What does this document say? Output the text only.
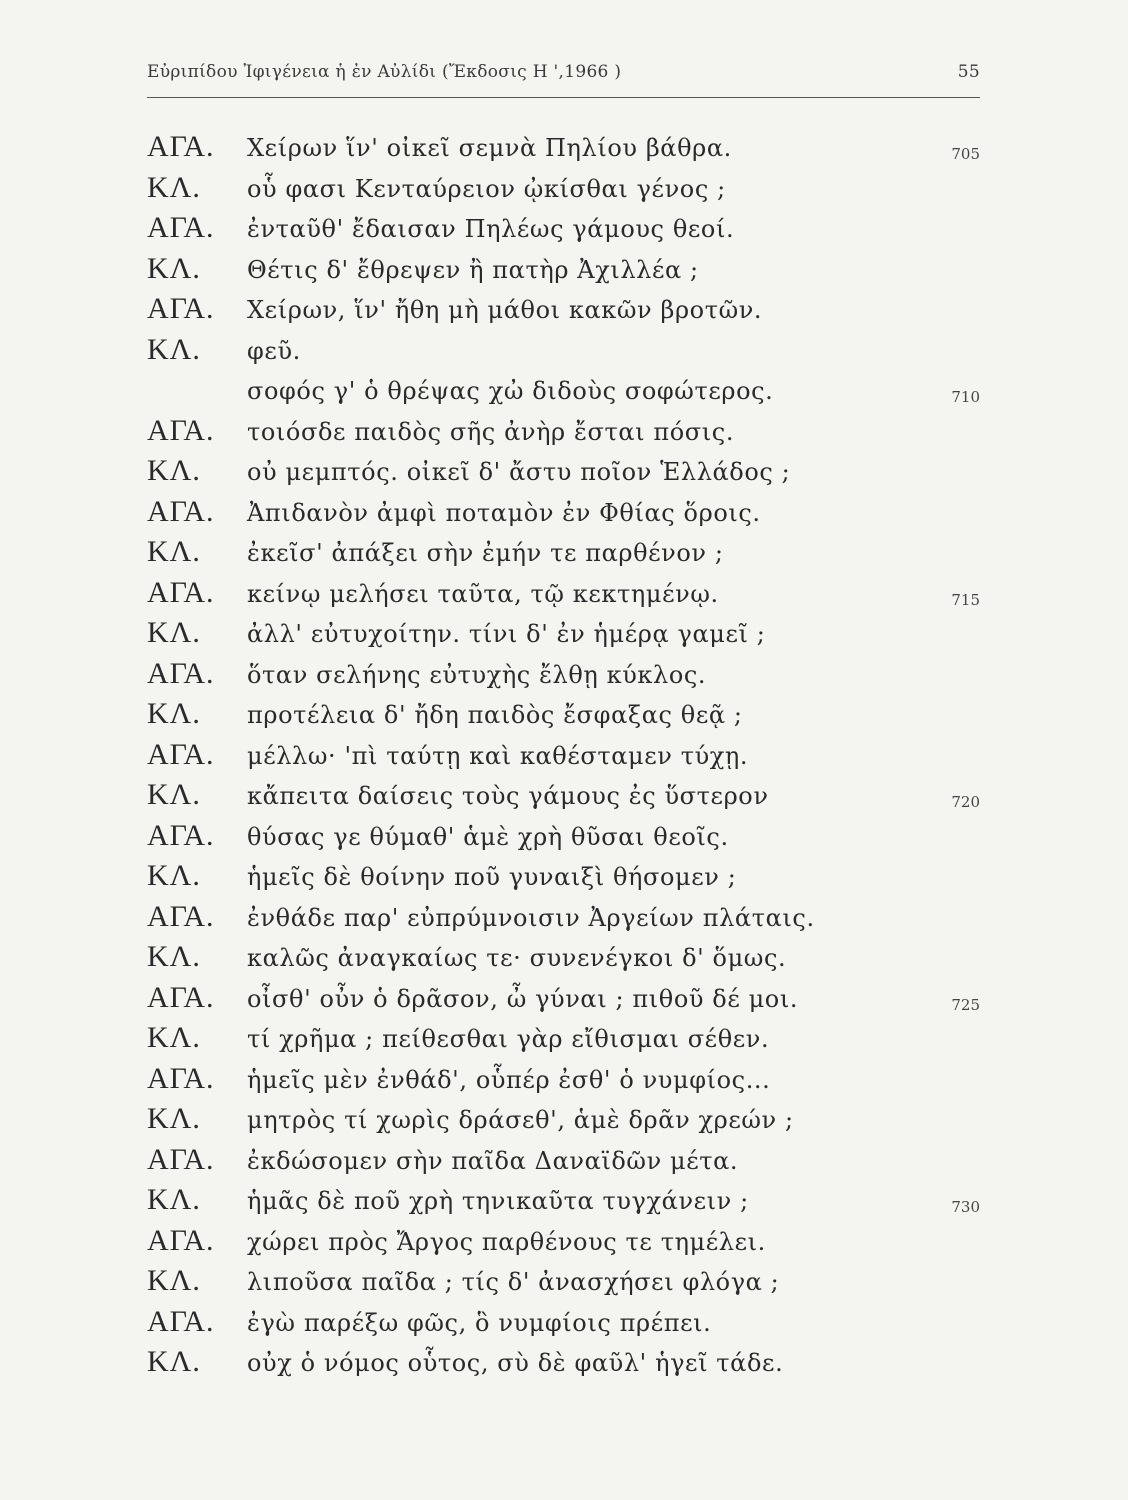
Εὐριπίδου Ἰφιγένεια ἡ ἐν Αὐλίδι (Ἔκδοσις Η ',1966 )	55
ΑΓΑ. Χείρων ἵν' οἰκεῖ σεμνὰ Πηλίου βάθρα.	705
ΚΛ. οὗ φασι Κενταύρειον ᾠκίσθαι γένος ;
ΑΓΑ. ἐνταῦθ' ἔδαισαν Πηλέως γάμους θεοί.
ΚΛ. Θέτις δ' ἔθρεψεν ἢ πατὴρ Ἀχιλλέα ;
ΑΓΑ. Χείρων, ἵν' ἤθη μὴ μάθοι κακῶν βροτῶν.
ΚΛ. φεῦ.
σοφός γ' ὁ θρέψας χὠ διδοὺς σοφώτερος.	710
ΑΓΑ. τοιόσδε παιδὸς σῆς ἀνὴρ ἔσται πόσις.
ΚΛ. οὐ μεμπτός. οἰκεῖ δ' ἄστυ ποῖον Ἑλλάδος ;
ΑΓΑ. Ἀπιδανὸν ἀμφὶ ποταμὸν ἐν Φθίας ὅροις.
ΚΛ. ἐκεῖσ' ἀπάξει σὴν ἐμήν τε παρθένον ;
ΑΓΑ. κείνῳ μελήσει ταῦτα, τῷ κεκτημένῳ.	715
ΚΛ. ἀλλ' εὐτυχοίτην. τίνι δ' ἐν ἡμέρᾳ γαμεῖ ;
ΑΓΑ. ὅταν σελήνης εὐτυχὴς ἔλθῃ κύκλος.
ΚΛ. προτέλεια δ' ἤδη παιδὸς ἔσφαξας θεᾷ ;
ΑΓΑ. μέλλω· 'πὶ ταύτῃ καὶ καθέσταμεν τύχῃ.
ΚΛ. κἄπειτα δαίσεις τοὺς γάμους ἐς ὕστερον	720
ΑΓΑ. θύσας γε θύμαθ' ἁμὲ χρὴ θῦσαι θεοῖς.
ΚΛ. ἡμεῖς δὲ θοίνην ποῦ γυναιξὶ θήσομεν ;
ΑΓΑ. ἐνθάδε παρ' εὐπρύμνοισιν Ἀργείων πλάταις.
ΚΛ. καλῶς ἀναγκαίως τε· συνενέγκοι δ' ὅμως.
ΑΓΑ. οἶσθ' οὖν ὁ δρᾶσον, ὦ γύναι ; πιθοῦ δέ μοι.	725
ΚΛ. τί χρῆμα ; πείθεσθαι γὰρ εἴθισμαι σέθεν.
ΑΓΑ. ἡμεῖς μὲν ἐνθάδ', οὗπέρ ἐσθ' ὁ νυμφίος...
ΚΛ. μητρὸς τί χωρὶς δράσεθ', ἁμὲ δρᾶν χρεών ;
ΑΓΑ. ἐκδώσομεν σὴν παῖδα Δαναϊδῶν μέτα.
ΚΛ. ἡμᾶς δὲ ποῦ χρὴ τηνικαῦτα τυγχάνειν ;	730
ΑΓΑ. χώρει πρὸς Ἄργος παρθένους τε τημέλει.
ΚΛ. λιποῦσα παῖδα ; τίς δ' ἀνασχήσει φλόγα ;
ΑΓΑ. ἐγὼ παρέξω φῶς, ὃ νυμφίοις πρέπει.
ΚΛ. οὐχ ὁ νόμος οὗτος, σὺ δὲ φαῦλ' ἡγεῖ τάδε.
